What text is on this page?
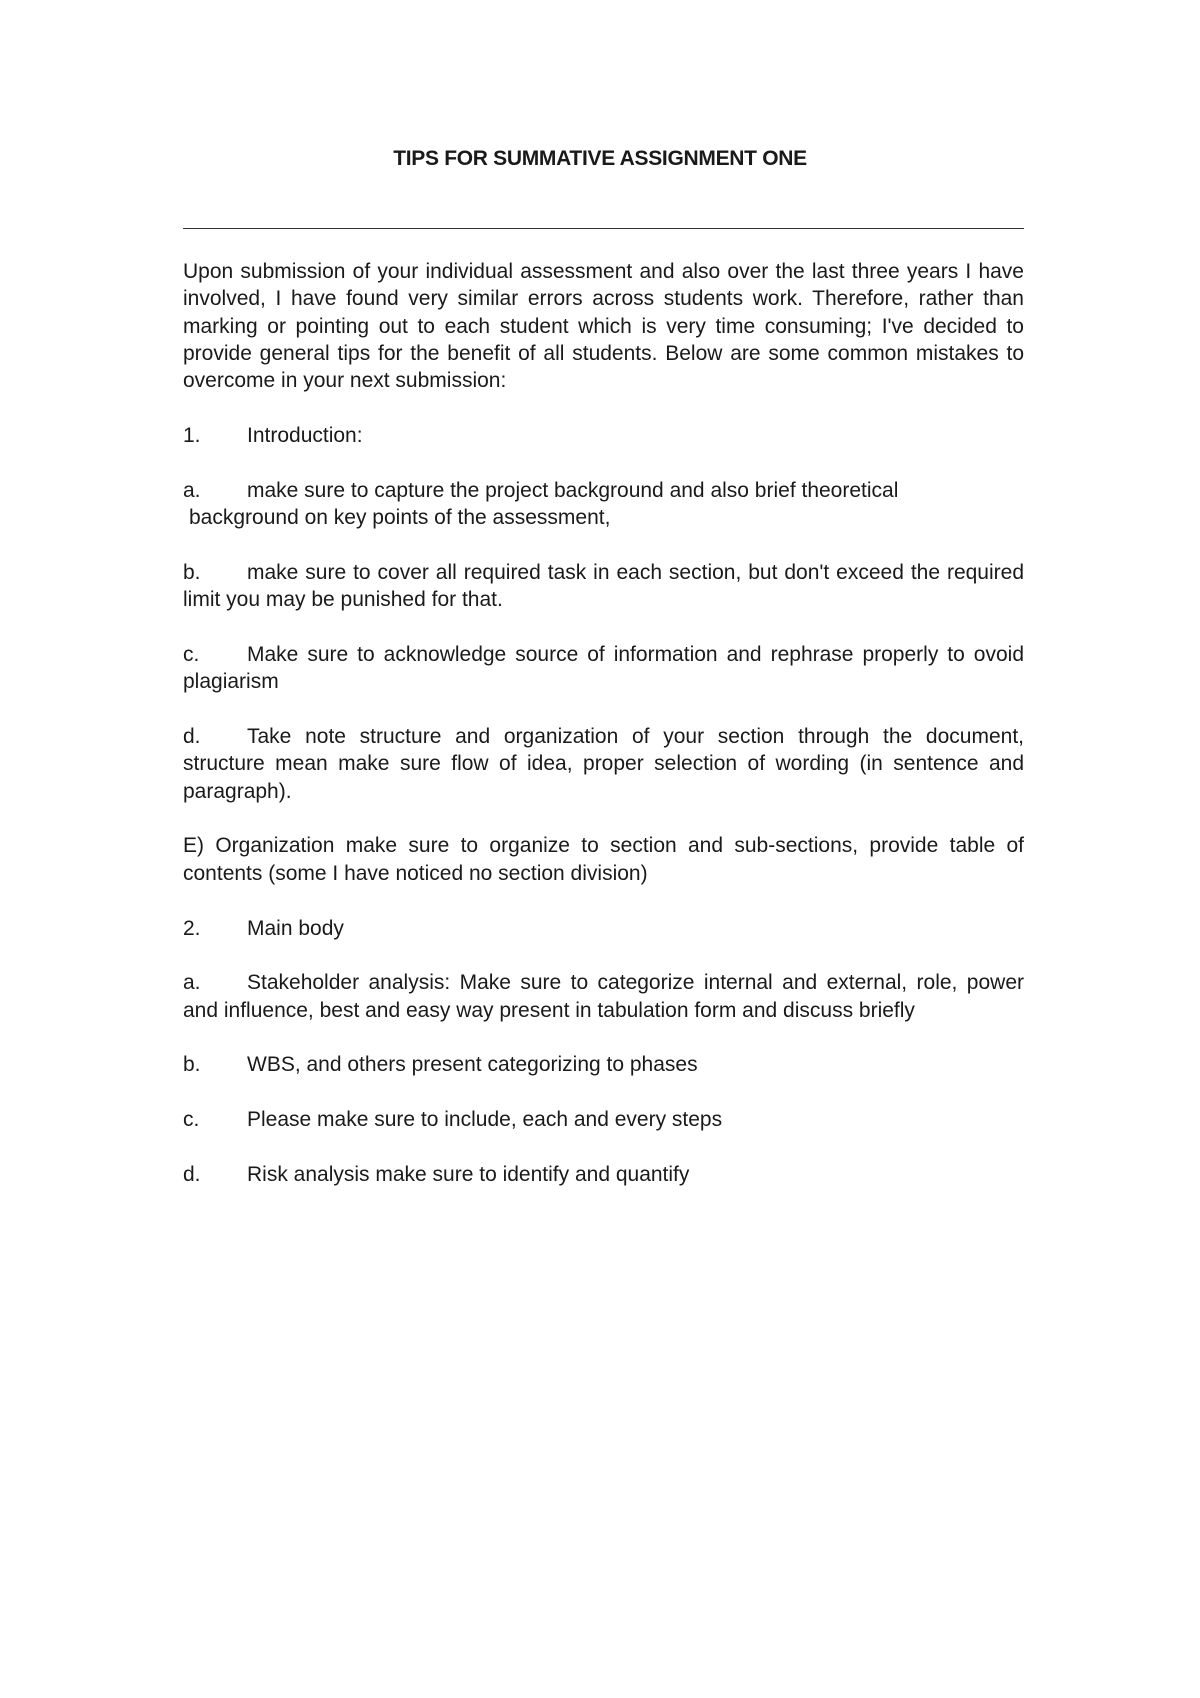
TIPS FOR SUMMATIVE ASSIGNMENT ONE

Upon submission of your individual assessment and also over the last three years I have involved, I have found very similar errors across students work. Therefore, rather than marking or pointing out to each student which is very time consuming; I've decided to provide general tips for the benefit of all students. Below are some common mistakes to overcome in your next submission:

1. Introduction:

a. make sure to capture the project background and also brief theoretical
background on key points of the assessment,

b. make sure to cover all required task in each section, but don't exceed the required limit you may be punished for that.

c. Make sure to acknowledge source of information and rephrase properly to ovoid plagiarism

d. Take note structure and organization of your section through the document, structure mean make sure flow of idea, proper selection of wording (in sentence and paragraph).

E) Organization make sure to organize to section and sub-sections, provide table of contents (some I have noticed no section division)

2. Main body

a. Stakeholder analysis: Make sure to categorize internal and external, role, power and influence, best and easy way present in tabulation form and discuss briefly

b. WBS, and others present categorizing to phases

c. Please make sure to include, each and every steps

d. Risk analysis make sure to identify and quantify
